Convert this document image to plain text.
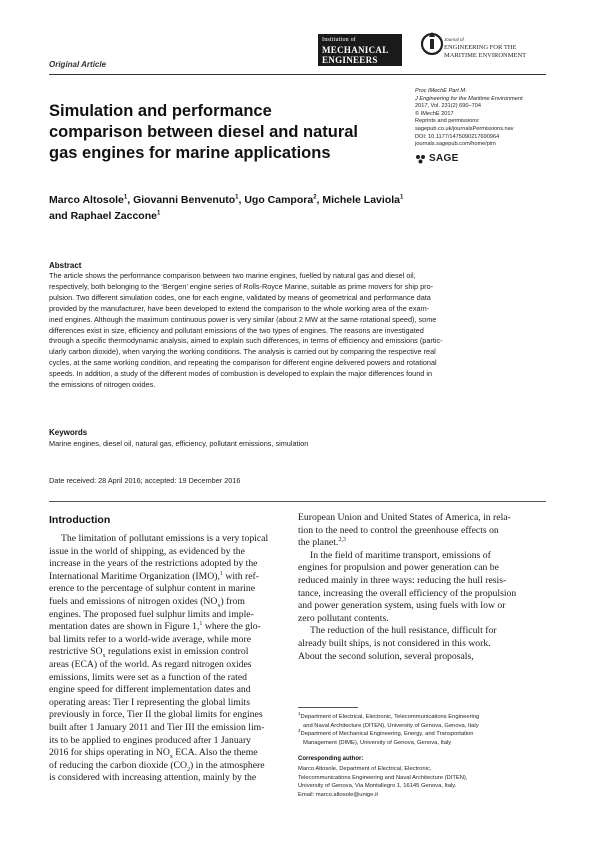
Original Article
Institution of
MECHANICAL
ENGINEERS
Journal of
ENGINEERING FOR THE
MARITIME ENVIRONMENT
Simulation and performance
comparison between diesel and natural
gas engines for marine applications
Proc IMechE Part M:
J Engineering for the Maritime Environment
2017, Vol. 231(2) 690–704
© IMechE 2017
Reprints and permissions:
sagepub.co.uk/journalsPermissions.nav
DOI: 10.1177/1475090217690964
journals.sagepub.com/home/pim
SAGE
Marco Altosole$^1$, Giovanni Benvenuto$^1$, Ugo Campora$^2$, Michele Laviola$^1$
and Raphael Zaccone$^1$
Abstract
The article shows the performance comparison between two marine engines, fuelled by natural gas and diesel oil,
respectively, both belonging to the ‘Bergen’ engine series of Rolls-Royce Marine, suitable as prime movers for ship pro-
pulsion. Two different simulation codes, one for each engine, validated by means of geometrical and performance data
provided by the manufacturer, have been developed to extend the comparison to the whole working area of the exam-
ined engines. Although the maximum continuous power is very similar (about 2 MW at the same rotational speed), some
differences exist in size, efficiency and pollutant emissions of the two types of engines. The reasons are investigated
through a specific thermodynamic analysis, aimed to explain such differences, in terms of efficiency and emissions (partic-
ularly carbon dioxide), when varying the working conditions. The analysis is carried out by comparing the respective real
cycles, at the same working condition, and repeating the comparison for different engine delivered powers and rotational
speeds. In addition, a study of the different modes of combustion is developed to explain the major differences found in
the emissions of nitrogen oxides.
Keywords
Marine engines, diesel oil, natural gas, efficiency, pollutant emissions, simulation
Date received: 28 April 2016; accepted: 19 December 2016
Introduction
The limitation of pollutant emissions is a very topical
issue in the world of shipping, as evidenced by the
increase in the years of the restrictions adopted by the
International Maritime Organization (IMO),$^1$ with ref-
erence to the percentage of sulphur content in marine
fuels and emissions of nitrogen oxides $(NO_x)$ from
engines. The proposed fuel sulphur limits and imple-
mentation dates are shown in Figure 1,$^1$ where the glo-
bal limits refer to a world-wide average, while more
restrictive $SO_x$ regulations exist in emission control
areas (ECA) of the world. As regard nitrogen oxides
emissions, limits were set as a function of the rated
engine speed for different implementation dates and
operating areas: Tier I representing the global limits
previously in force, Tier II the global limits for engines
built after 1 January 2011 and Tier III the emission lim-
its to be applied to engines produced after 1 January
2016 for ships operating in $NO_x$ ECA. Also the theme
of reducing the carbon dioxide $(CO_2)$ in the atmosphere
is considered with increasing attention, mainly by the
European Union and United States of America, in rela-
tion to the need to control the greenhouse effects on
the planet.$^{2,3}$
In the field of maritime transport, emissions of
engines for propulsion and power generation can be
reduced mainly in three ways: reducing the hull resis-
tance, increasing the overall efficiency of the propulsion
and power generation system, using fuels with low or
zero pollutant contents.
The reduction of the hull resistance, difficult for
already built ships, is not considered in this work.
About the second solution, several proposals,
$^1$Department of Electrical, Electronic, Telecommunications Engineering
and Naval Architecture (DITEN), University of Genova, Genova, Italy
$^2$Department of Mechanical Engineering, Energy, and Transportation
Management (DIME), University of Genova, Genova, Italy
Corresponding author:
Marco Altosole, Department of Electrical, Electronic,
Telecommunications Engineering and Naval Architecture (DITEN),
University of Genova, Via Montallegro 1, 16145 Genova, Italy.
Email: marco.altosole@unige.it
